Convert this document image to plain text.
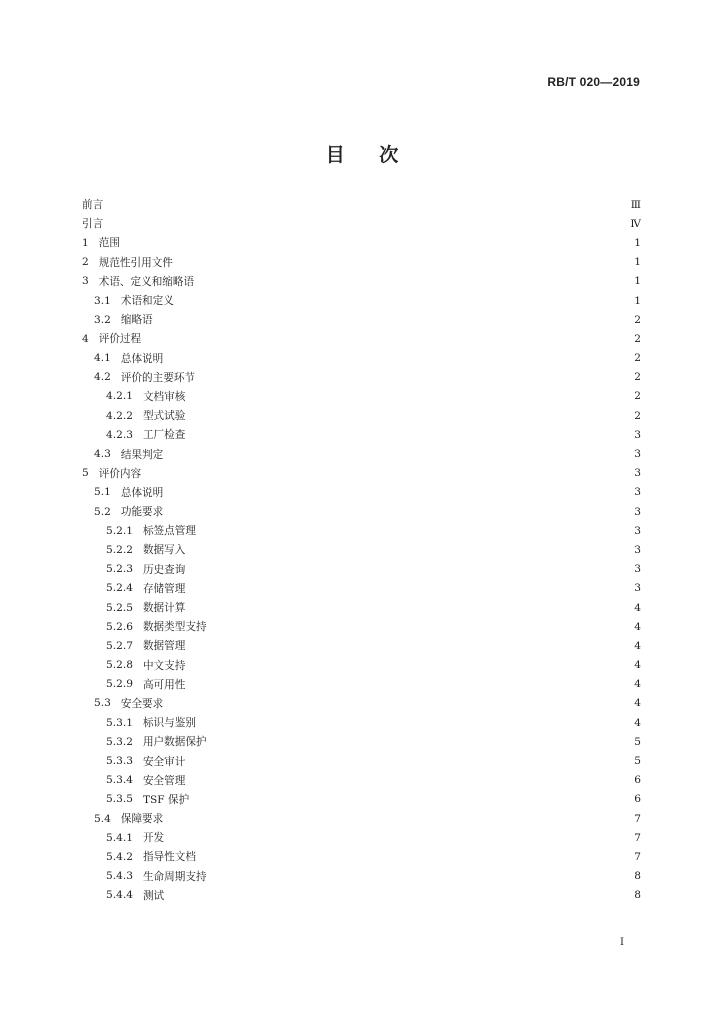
RB/T 020—2019
目 次
前言 ·····	Ⅲ
引言 ·····	Ⅳ
1 范围 ·····	1
2 规范性引用文件 ·····	1
3 术语、定义和缩略语 ·····	1
3.1 术语和定义 ·····	1
3.2 缩略语 ·····	2
4 评价过程 ·····	2
4.1 总体说明 ·····	2
4.2 评价的主要环节 ·····	2
4.2.1 文档审核 ·····	2
4.2.2 型式试验 ·····	2
4.2.3 工厂检查 ·····	3
4.3 结果判定 ·····	3
5 评价内容 ·····	3
5.1 总体说明 ·····	3
5.2 功能要求 ·····	3
5.2.1 标签点管理 ·····	3
5.2.2 数据写入 ·····	3
5.2.3 历史查询 ·····	3
5.2.4 存储管理 ·····	3
5.2.5 数据计算 ·····	4
5.2.6 数据类型支持 ·····	4
5.2.7 数据管理 ·····	4
5.2.8 中文支持 ·····	4
5.2.9 高可用性 ·····	4
5.3 安全要求 ·····	4
5.3.1 标识与鉴别 ·····	4
5.3.2 用户数据保护 ·····	5
5.3.3 安全审计 ·····	5
5.3.4 安全管理 ·····	6
5.3.5 TSF 保护 ·····	6
5.4 保障要求 ·····	7
5.4.1 开发 ·····	7
5.4.2 指导性文档 ·····	7
5.4.3 生命周期支持 ·····	8
5.4.4 测试 ·····	8
I
